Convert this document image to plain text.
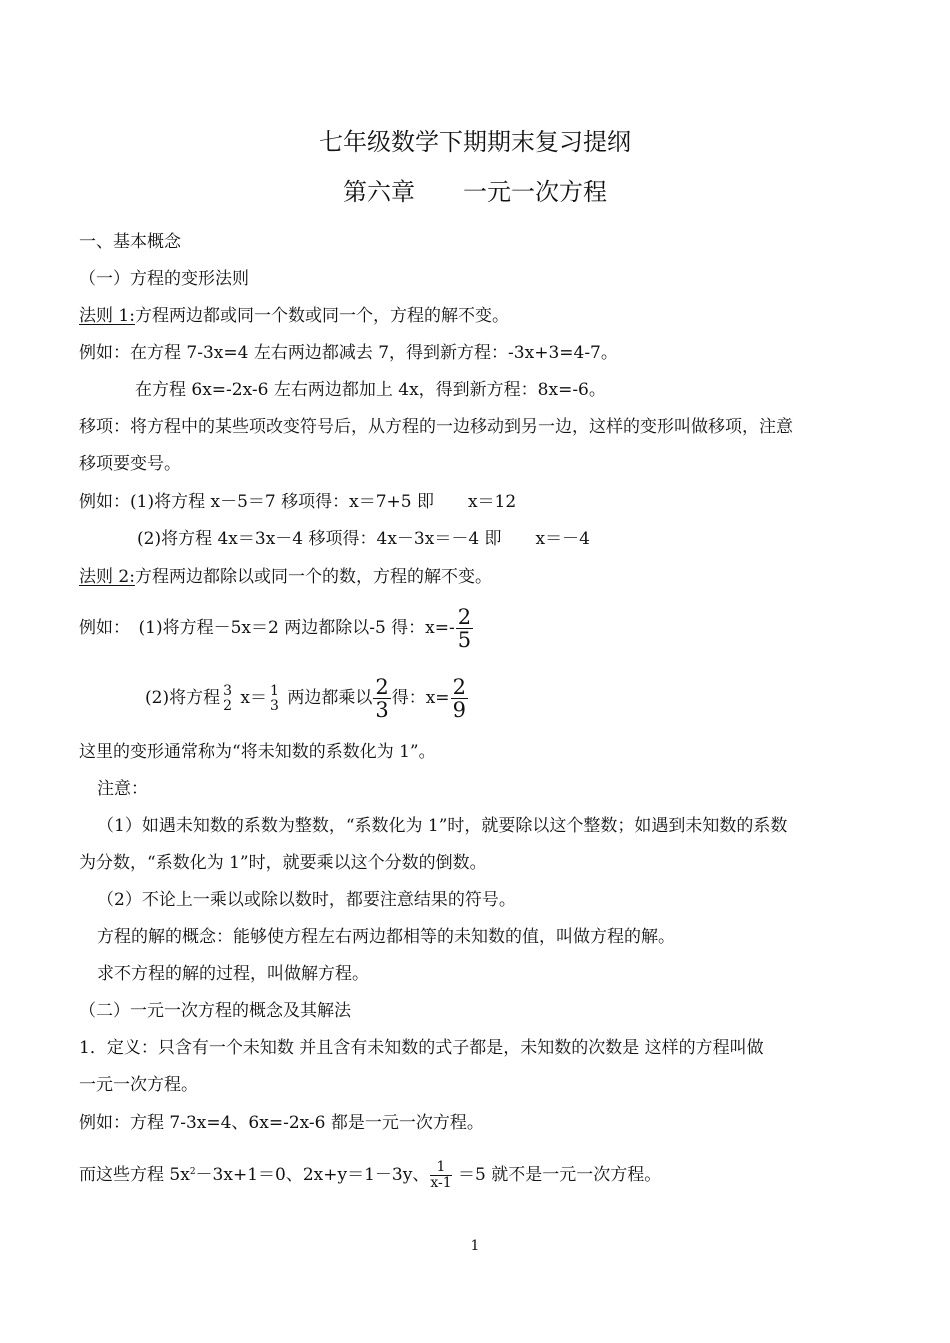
七年级数学下期期末复习提纲
第六章　　一元一次方程
一、基本概念
（一）方程的变形法则
法则 1:方程两边都或同一个数或同一个，方程的解不变。
例如：在方程 7-3x=4 左右两边都减去 7，得到新方程：-3x+3=4-7。
在方程 6x=-2x-6 左右两边都加上 4x，得到新方程：8x=-6。
移项：将方程中的某些项改变符号后，从方程的一边移动到另一边，这样的变形叫做移项，注意
移项要变号。
例如：(1)将方程 x－5＝7 移项得：x＝7+5 即　　x＝12
(2)将方程 4x＝3x－4 移项得：4x－3x＝－4 即　　x＝－4
法则 2:方程两边都除以或同一个的数，方程的解不变。
例如：　(1)将方程－5x＝2 两边都除以-5 得：$x=- \frac{2}{5}$
(2)将方程 3
2 x＝ 1
3 两边都乘以 $\frac{2}{3}$ 得：$x= \frac{2}{9}$
这里的变形通常称为“将未知数的系数化为 1”。
注意：
（1）如遇未知数的系数为整数，“系数化为 1”时，就要除以这个整数；如遇到未知数的系数
为分数，“系数化为 1”时，就要乘以这个分数的倒数。
（2）不论上一乘以或除以数时，都要注意结果的符号。
方程的解的概念：能够使方程左右两边都相等的未知数的值，叫做方程的解。
求不方程的解的过程，叫做解方程。
（二）一元一次方程的概念及其解法
1．定义：只含有一个未知数 并且含有未知数的式子都是，未知数的次数是 这样的方程叫做
一元一次方程。
例如：方程 7-3x=4、6x=-2x-6 都是一元一次方程。
而这些方程 $5x^2-3x+1=0$、2x+y＝1－3y、 $\frac{1}{x-1} =5$ 就不是一元一次方程。
1
